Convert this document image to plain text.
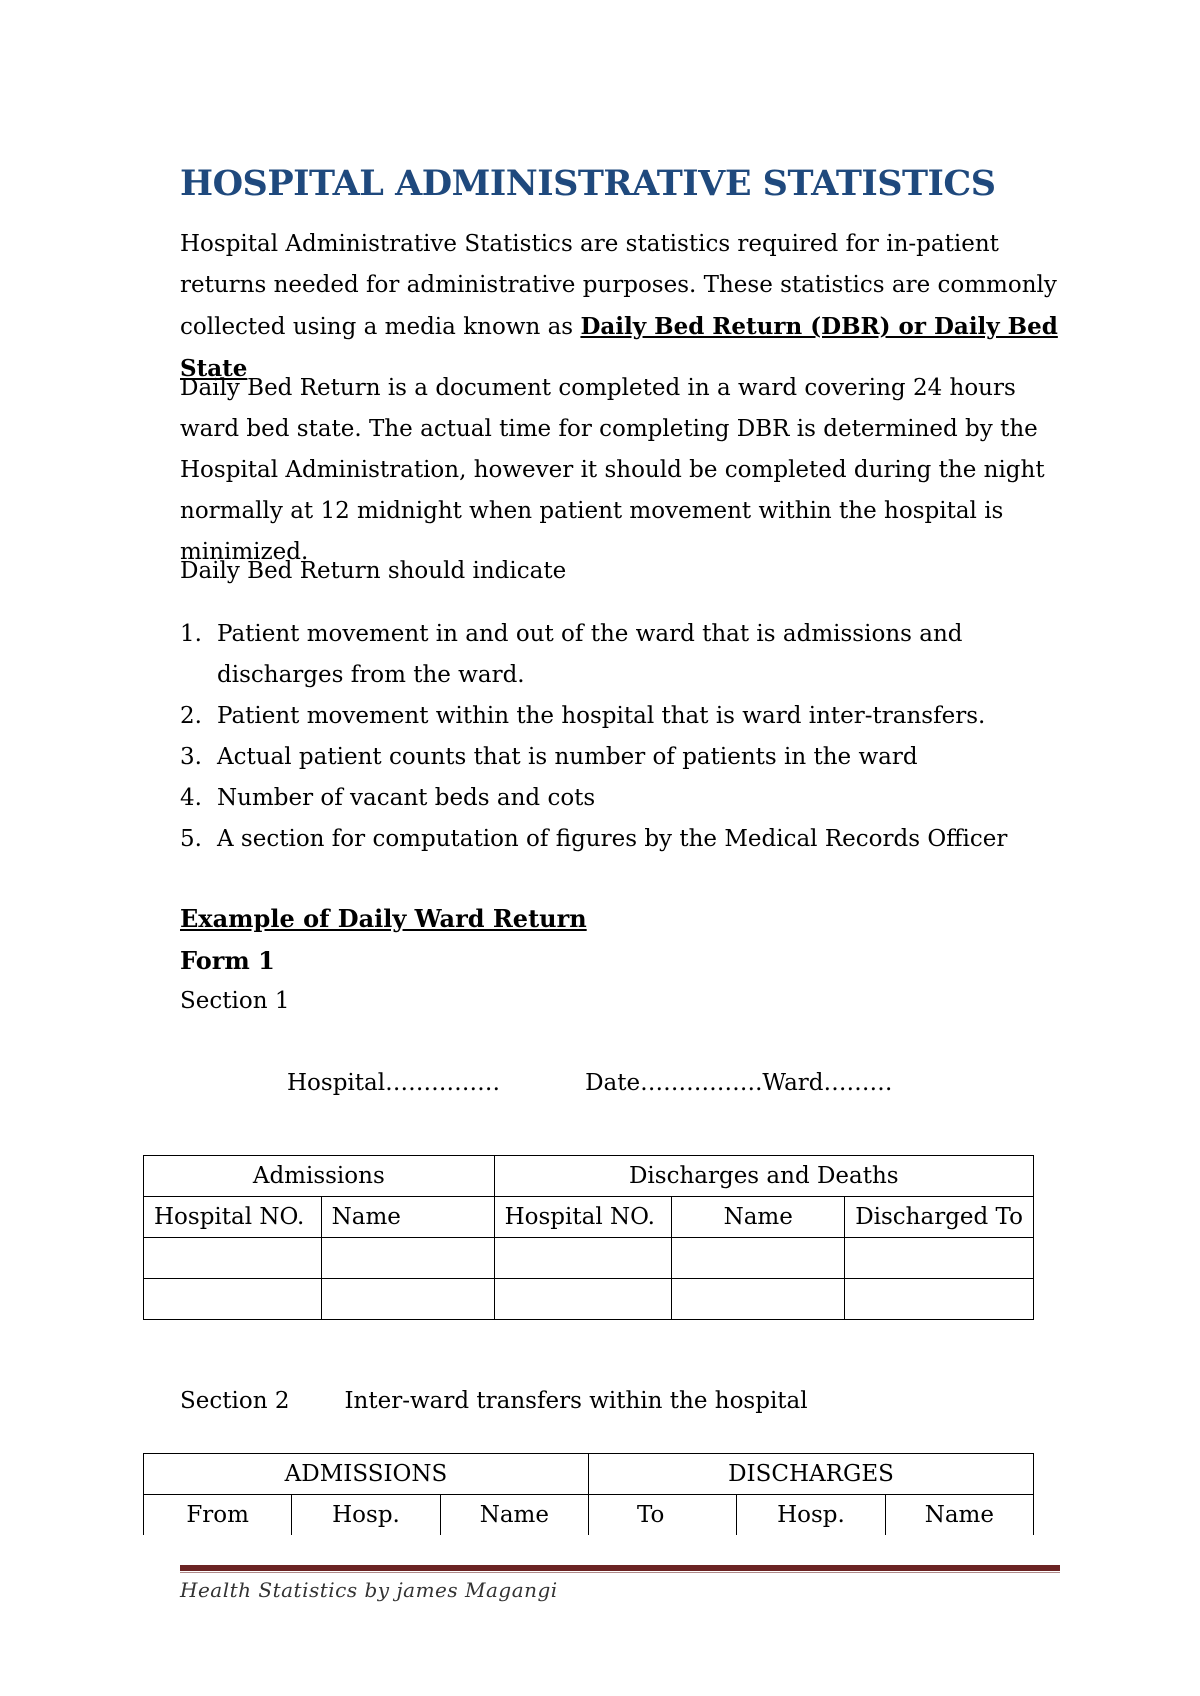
HOSPITAL ADMINISTRATIVE STATISTICS

Hospital Administrative Statistics are statistics required for in-patient returns needed for administrative purposes. These statistics are commonly collected using a media known as Daily Bed Return (DBR) or Daily Bed State

Daily Bed Return is a document completed in a ward covering 24 hours ward bed state. The actual time for completing DBR is determined by the Hospital Administration, however it should be completed during the night normally at 12 midnight when patient movement within the hospital is minimized.

Daily Bed Return should indicate

1. Patient movement in and out of the ward that is admissions and discharges from the ward.
2. Patient movement within the hospital that is ward inter-transfers.
3. Actual patient counts that is number of patients in the ward
4. Number of vacant beds and cots
5. A section for computation of figures by the Medical Records Officer

Example of Daily Ward Return

Form 1

Section 1

Hospital……………	Date…………….Ward………
Admissions		Discharges and Deaths		
Hospital NO.	Name	Hospital NO.	Name	Discharged To

Section 2 Inter-ward transfers within the hospital
ADMISSIONS			DISCHARGES		
From	Hosp.	Name	To	Hosp.	Name
Health Statistics by james Magangi
